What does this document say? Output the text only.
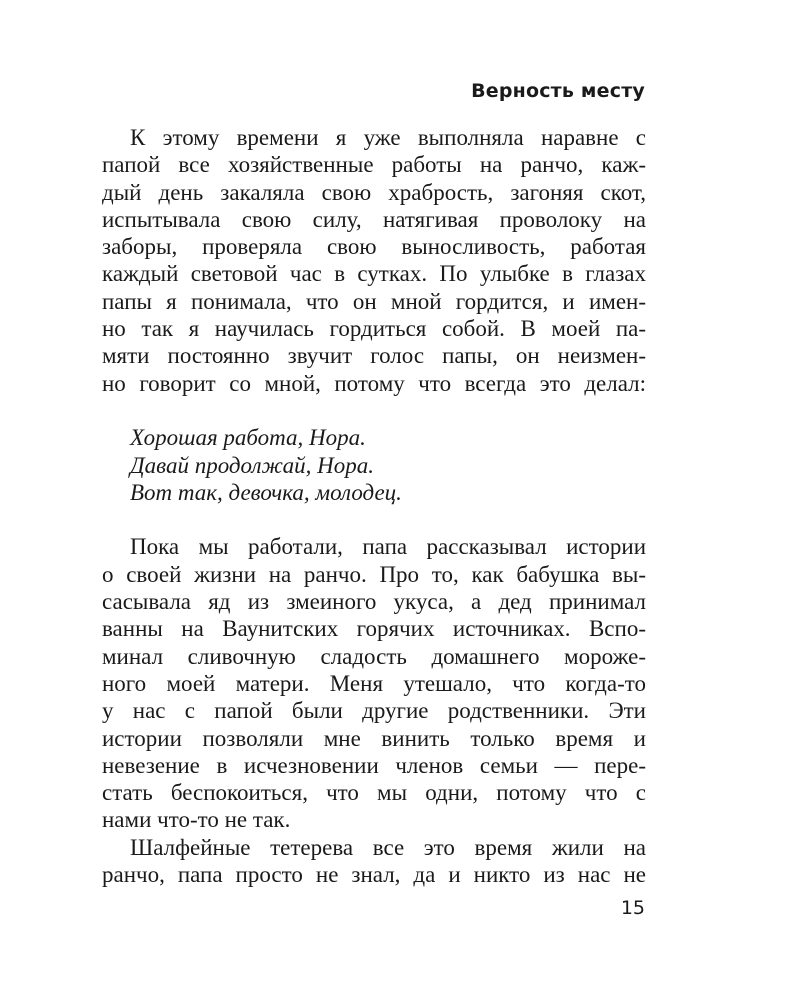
Верность месту

К этому времени я уже выполняла наравне с
папой все хозяйственные работы на ранчо, каж-
дый день закаляла свою храбрость, загоняя скот,
испытывала свою силу, натягивая проволоку на
заборы, проверяла свою выносливость, работая
каждый световой час в сутках. По улыбке в глазах
папы я понимала, что он мной гордится, и имен-
но так я научилась гордиться собой. В моей па-
мяти постоянно звучит голос папы, он неизмен-
но говорит со мной, потому что всегда это делал:

Хорошая работа, Нора.
Давай продолжай, Нора.
Вот так, девочка, молодец.

Пока мы работали, папа рассказывал истории
о своей жизни на ранчо. Про то, как бабушка вы-
сасывала яд из змеиного укуса, а дед принимал
ванны на Ваунитских горячих источниках. Вспо-
минал сливочную сладость домашнего мороже-
ного моей матери. Меня утешало, что когда-то
у нас с папой были другие родственники. Эти
истории позволяли мне винить только время и
невезение в исчезновении членов семьи — пере-
стать беспокоиться, что мы одни, потому что с
нами что-то не так.

Шалфейные тетерева все это время жили на
ранчо, папа просто не знал, да и никто из нас не

15
